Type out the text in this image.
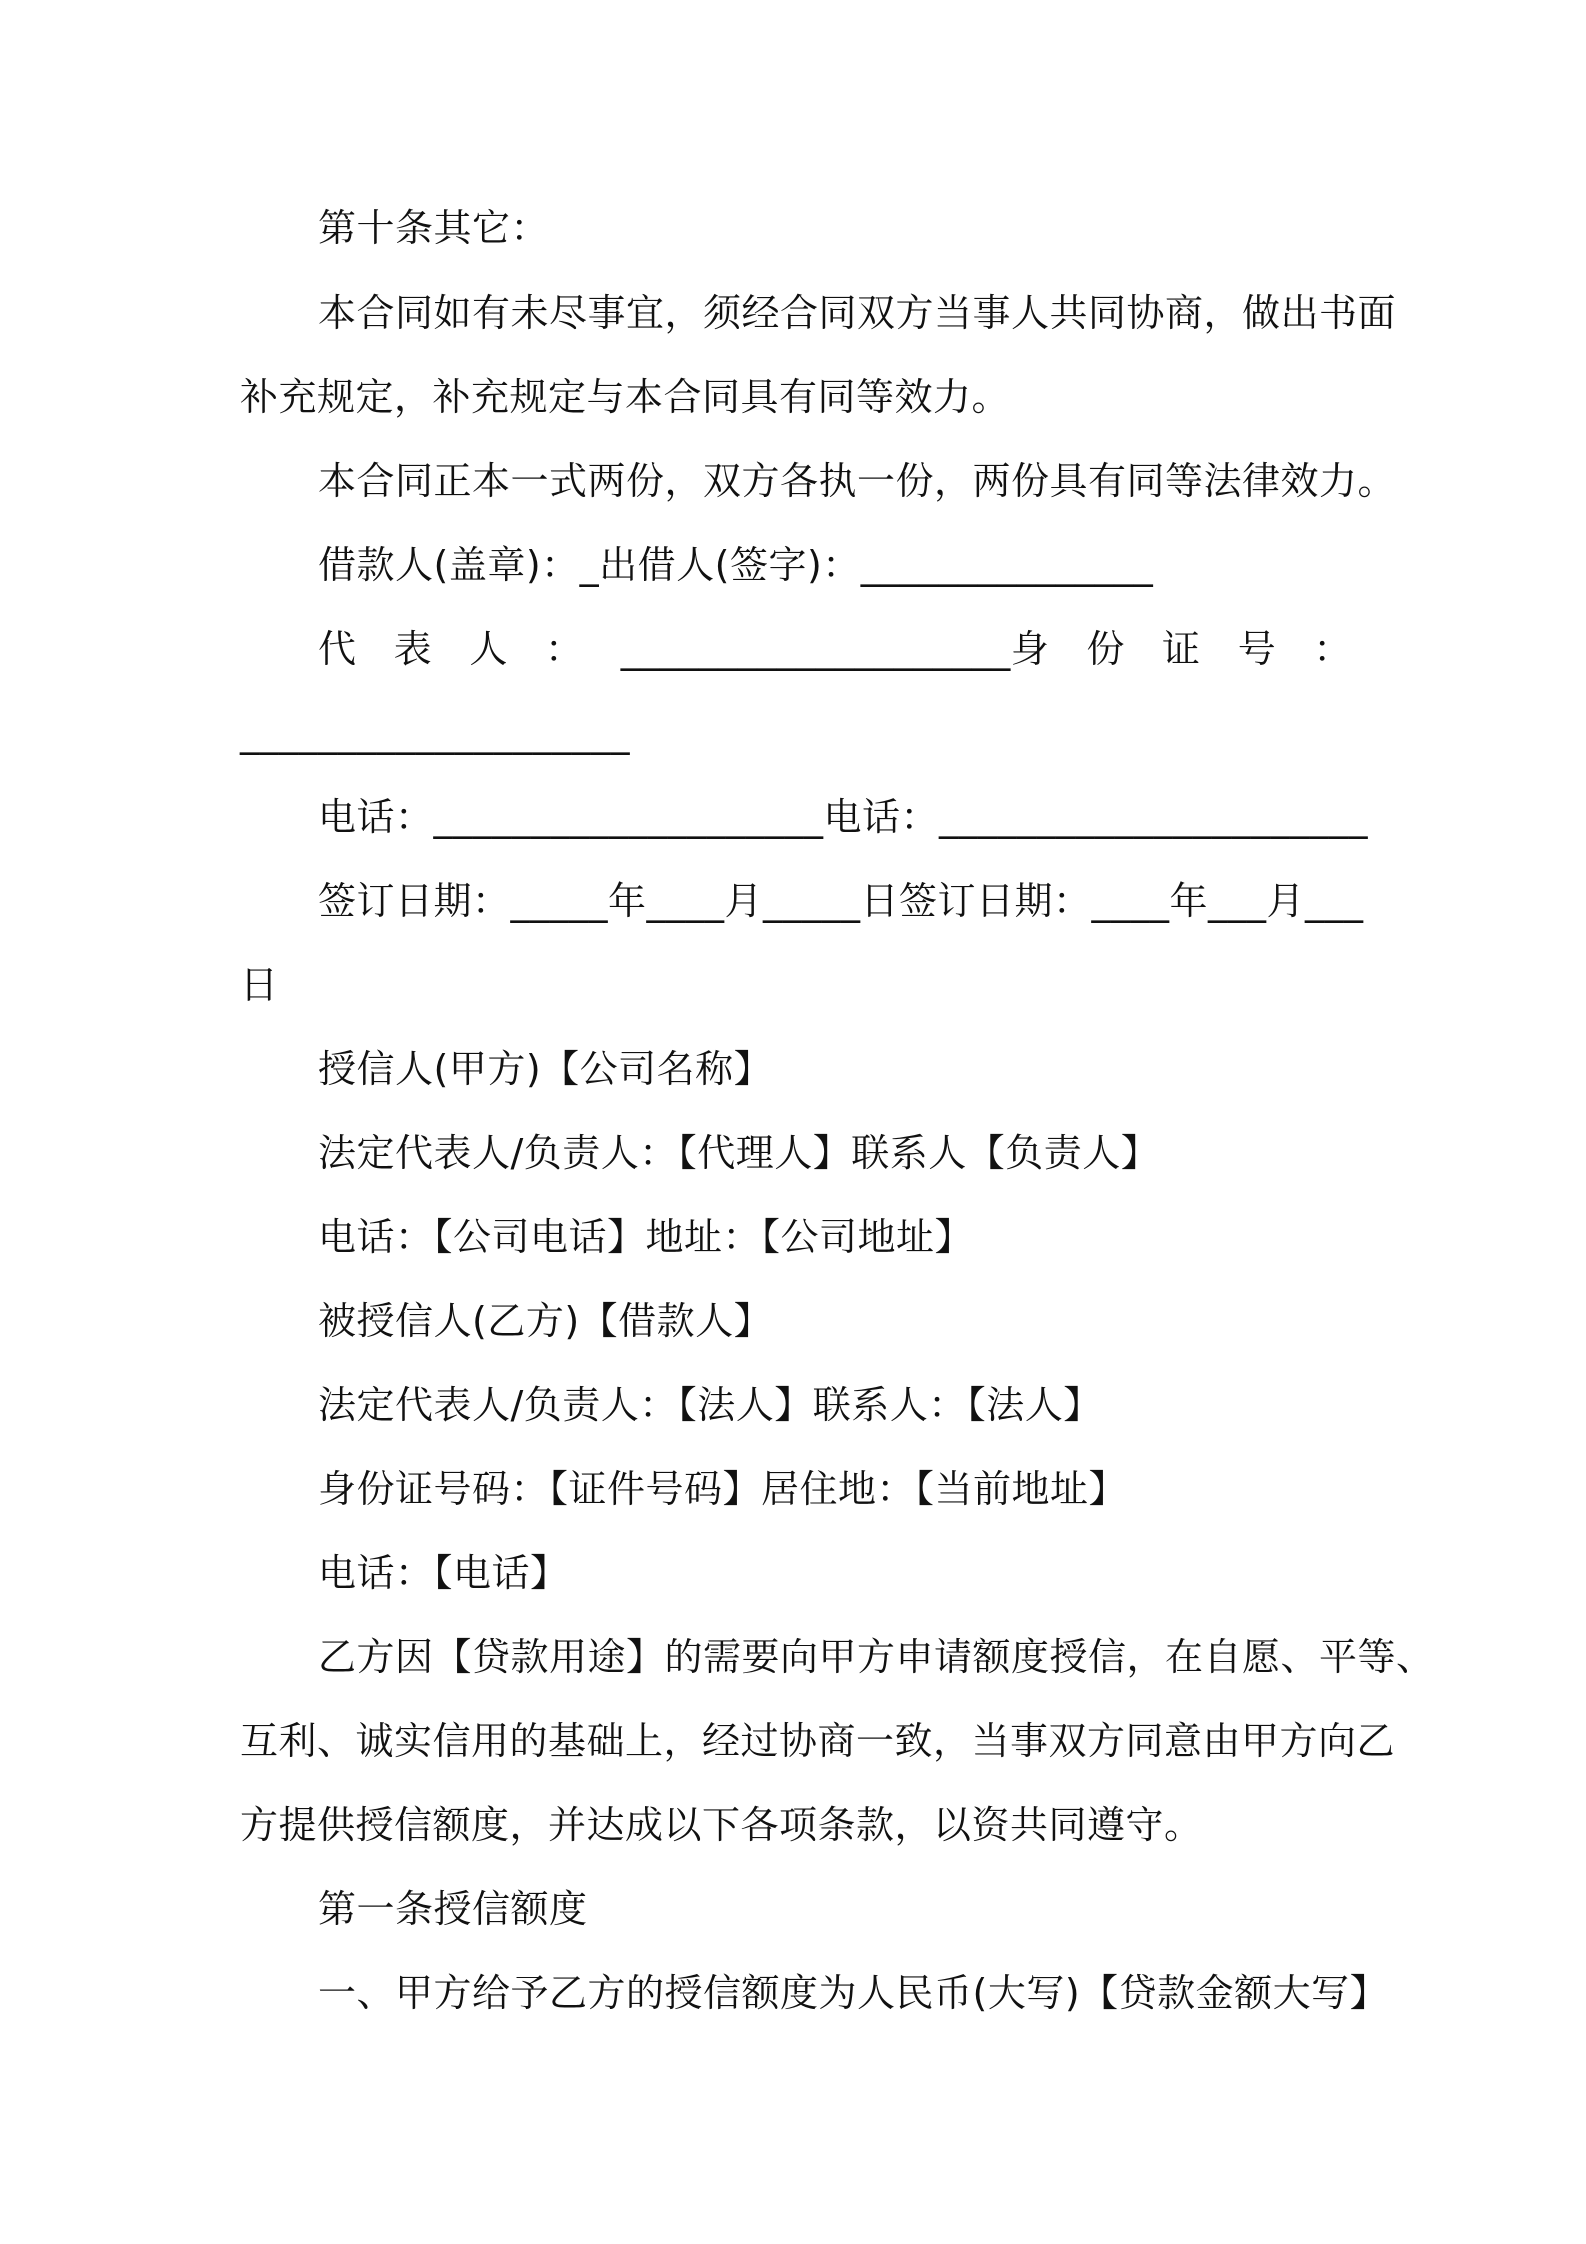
第十条其它：
本合同如有未尽事宜，须经合同双方当事人共同协商，做出书面
补充规定，补充规定与本合同具有同等效力。
本合同正本一式两份，双方各执一份，两份具有同等法律效力。
借款人(盖章)：_出借人(签字)：_______________
代 表 人 ： ____________________身 份 证 号 ：
____________________
电话：____________________电话：______________________
签订日期：_____年____月_____日签订日期：____年___月___
日
授信人(甲方)【公司名称】
法定代表人/负责人：【代理人】联系人【负责人】
电话：【公司电话】地址：【公司地址】
被授信人(乙方)【借款人】
法定代表人/负责人：【法人】联系人：【法人】
身份证号码：【证件号码】居住地：【当前地址】
电话：【电话】
乙方因【贷款用途】的需要向甲方申请额度授信，在自愿、平等、
互利、诚实信用的基础上，经过协商一致，当事双方同意由甲方向乙
方提供授信额度，并达成以下各项条款，以资共同遵守。
第一条授信额度
一、甲方给予乙方的授信额度为人民币(大写)【贷款金额大写】
